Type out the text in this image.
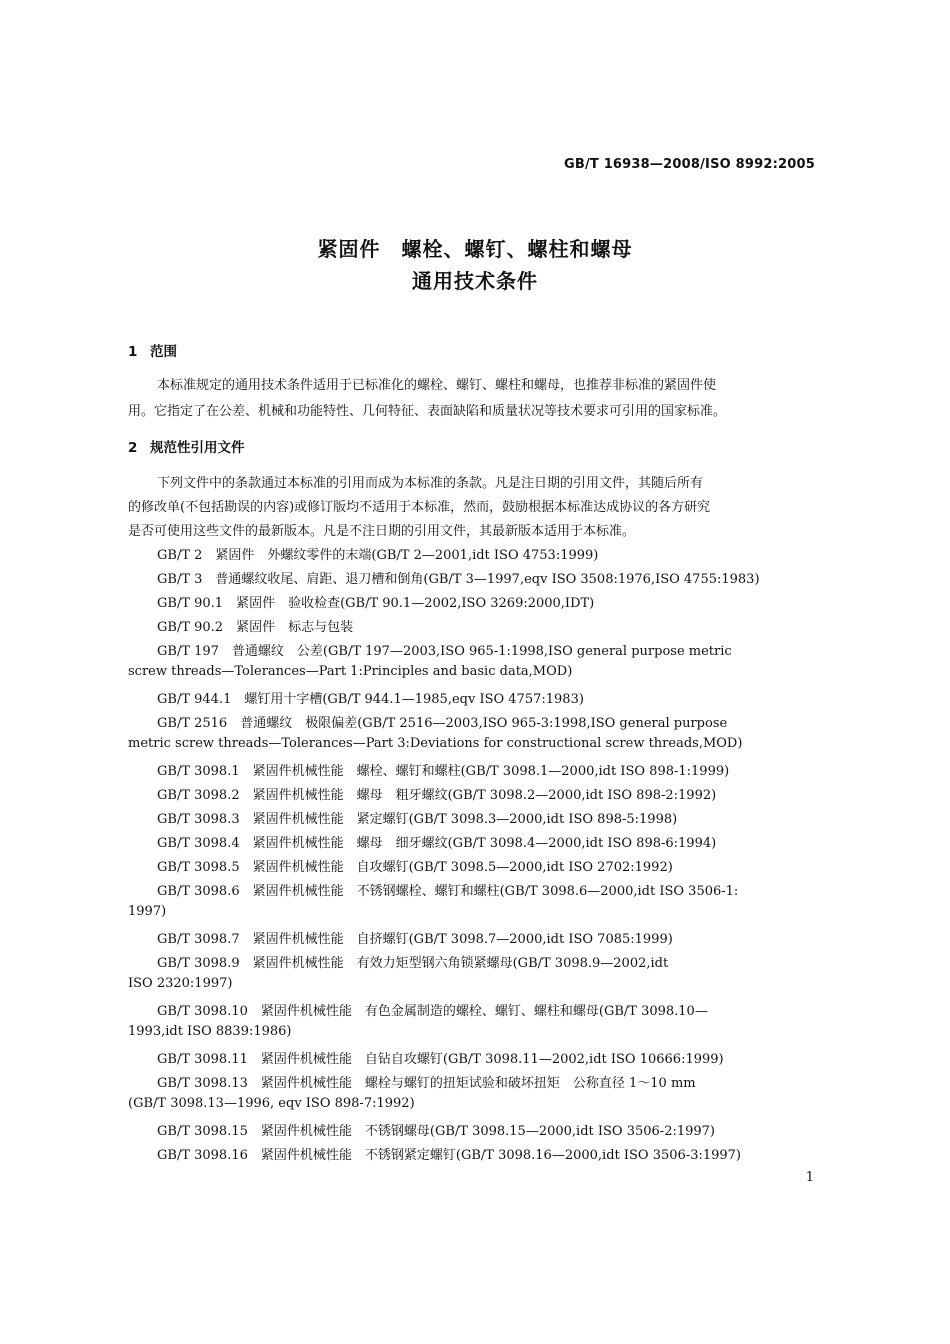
GB/T 16938—2008/ISO 8992:2005
紧固件　螺栓、螺钉、螺柱和螺母
通用技术条件
1 范围
本标准规定的通用技术条件适用于已标准化的螺栓、螺钉、螺柱和螺母，也推荐非标准的紧固件使
用。它指定了在公差、机械和功能特性、几何特征、表面缺陷和质量状况等技术要求可引用的国家标准。
2 规范性引用文件
下列文件中的条款通过本标准的引用而成为本标准的条款。凡是注日期的引用文件，其随后所有
的修改单(不包括勘误的内容)或修订版均不适用于本标准，然而，鼓励根据本标准达成协议的各方研究
是否可使用这些文件的最新版本。凡是不注日期的引用文件，其最新版本适用于本标准。
GB/T 2　紧固件　外螺纹零件的末端(GB/T 2—2001,idt ISO 4753:1999)
GB/T 3　普通螺纹收尾、肩距、退刀槽和倒角(GB/T 3—1997,eqv ISO 3508:1976,ISO 4755:1983)
GB/T 90.1　紧固件　验收检查(GB/T 90.1—2002,ISO 3269:2000,IDT)
GB/T 90.2　紧固件　标志与包装
GB/T 197　普通螺纹　公差(GB/T 197—2003,ISO 965-1:1998,ISO general purpose metric
screw threads—Tolerances—Part 1:Principles and basic data,MOD)
GB/T 944.1　螺钉用十字槽(GB/T 944.1—1985,eqv ISO 4757:1983)
GB/T 2516　普通螺纹　极限偏差(GB/T 2516—2003,ISO 965-3:1998,ISO general purpose
metric screw threads—Tolerances—Part 3:Deviations for constructional screw threads,MOD)
GB/T 3098.1　紧固件机械性能　螺栓、螺钉和螺柱(GB/T 3098.1—2000,idt ISO 898-1:1999)
GB/T 3098.2　紧固件机械性能　螺母　粗牙螺纹(GB/T 3098.2—2000,idt ISO 898-2:1992)
GB/T 3098.3　紧固件机械性能　紧定螺钉(GB/T 3098.3—2000,idt ISO 898-5:1998)
GB/T 3098.4　紧固件机械性能　螺母　细牙螺纹(GB/T 3098.4—2000,idt ISO 898-6:1994)
GB/T 3098.5　紧固件机械性能　自攻螺钉(GB/T 3098.5—2000,idt ISO 2702:1992)
GB/T 3098.6　紧固件机械性能　不锈钢螺栓、螺钉和螺柱(GB/T 3098.6—2000,idt ISO 3506-1:
1997)
GB/T 3098.7　紧固件机械性能　自挤螺钉(GB/T 3098.7—2000,idt ISO 7085:1999)
GB/T 3098.9　紧固件机械性能　有效力矩型钢六角锁紧螺母(GB/T 3098.9—2002,idt
ISO 2320:1997)
GB/T 3098.10　紧固件机械性能　有色金属制造的螺栓、螺钉、螺柱和螺母(GB/T 3098.10—
1993,idt ISO 8839:1986)
GB/T 3098.11　紧固件机械性能　自钻自攻螺钉(GB/T 3098.11—2002,idt ISO 10666:1999)
GB/T 3098.13　紧固件机械性能　螺栓与螺钉的扭矩试验和破坏扭矩　公称直径 1～10 mm
(GB/T 3098.13—1996, eqv ISO 898-7:1992)
GB/T 3098.15　紧固件机械性能　不锈钢螺母(GB/T 3098.15—2000,idt ISO 3506-2:1997)
GB/T 3098.16　紧固件机械性能　不锈钢紧定螺钉(GB/T 3098.16—2000,idt ISO 3506-3:1997)
1
